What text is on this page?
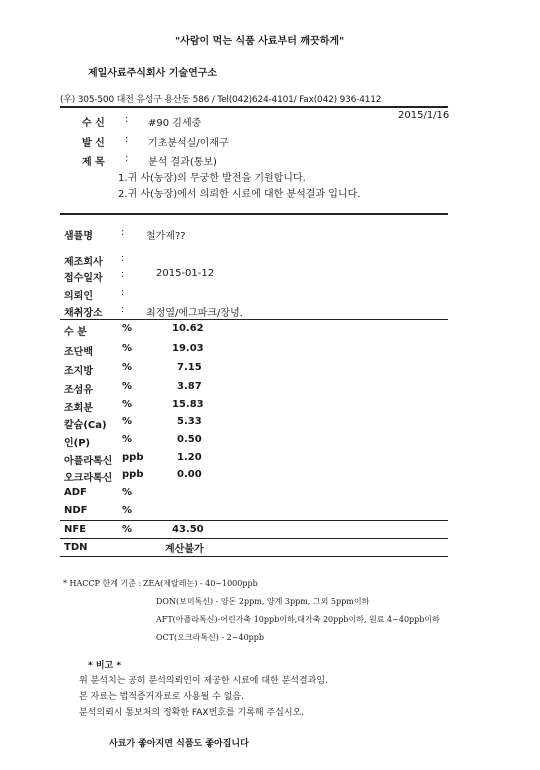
"사람이 먹는 식품 사료부터 깨끗하게"
제일사료주식회사 기술연구소
(우) 305-500 대전 유성구 용산동 586 / Tel(042)624-4101/ Fax(042) 936-4112
수 신 : #90 김세중
2015/1/16
발 신 : 기초분석실/이재구
제 목 : 분석 결과(통보)
1.귀 사(농장)의 무궁한 발전을 기원합니다.
2.귀 사(농장)에서 의뢰한 시료에 대한 분석결과 입니다.
샘플명	: 철가제??
제조회사 :
접수일자 :	2015-01-12
의뢰인	:
채취장소 : 최정열/에그파크/장녕.
수 분	%	10.62
조단백	%	19.03
조지방	%	7.15
조섬유	%	3.87
조회분	%	15.83
칼슘(Ca) %	5.33
인(P)	%	0.50
아플라톡신 ppb	1.20
오크라톡신 ppb	0.00
ADF	%
NDF	%
NFE	%	43.50
TDN	계산불가
* HACCP 한계 기준 : ZEA(제랄레논) - 40~1000ppb
DON(보미톡신) - 양돈 2ppm, 양계 3ppm, 그외 5ppm이하
AFT(아플라톡신)-어린가축 10ppb이하,대가축 20ppb이하, 원료 4~40ppb이하
OCT(오크라톡신) - 2~40ppb
* 비고 *
위 분석치는 공히 분석의뢰인이 제공한 시료에 대한 분석결과임.
본 자료는 법적증거자료로 사용될 수 없음.
분석의뢰시 통보처의 정확한 FAX번호를 기록해 주십시오.
사료가 좋아지면 식품도 좋아집니다
